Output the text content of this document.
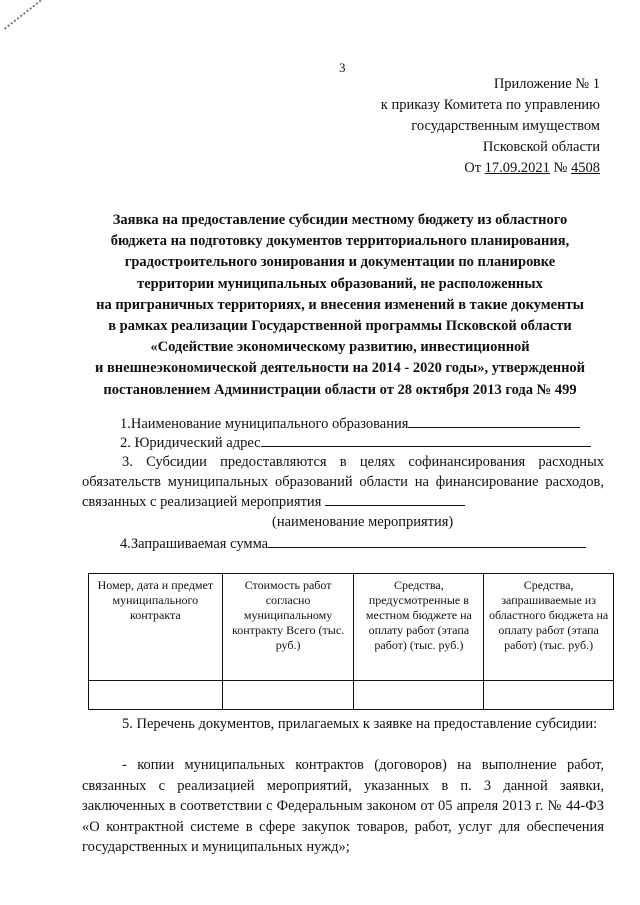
3
Приложение № 1
к приказу Комитета по управлению
государственным имуществом
Псковской области
От 17.09.2021 № 4508
Заявка на предоставление субсидии местному бюджету из областного
бюджета на подготовку документов территориального планирования,
градостроительного зонирования и документации по планировке
территории муниципальных образований, не расположенных
на приграничных территориях, и внесения изменений в такие документы
в рамках реализации Государственной программы Псковской области
«Содействие экономическому развитию, инвестиционной
и внешнеэкономической деятельности на 2014 - 2020 годы», утвержденной
постановлением Администрации области от 28 октября 2013 года № 499
1.Наименование муниципального образования
2. Юридический адрес
3. Субсидии предоставляются в целях софинансирования расходных обязательств муниципальных образований области на финансирование расходов, связанных с реализацией мероприятия
(наименование мероприятия)
4.Запрашиваемая сумма
Номер, дата и предмет муниципального контракта	Стоимость работ согласно муниципальному контракту Всего (тыс. руб.)	Средства, предусмотренные в местном бюджете на оплату работ (этапа работ) (тыс. руб.)	Средства, запрашиваемые из областного бюджета на оплату работ (этапа работ) (тыс. руб.)

5. Перечень документов, прилагаемых к заявке на предоставление субсидии:
- копии муниципальных контрактов (договоров) на выполнение работ, связанных с реализацией мероприятий, указанных в п. 3 данной заявки, заключенных в соответствии с Федеральным законом от 05 апреля 2013 г. № 44-ФЗ «О контрактной системе в сфере закупок товаров, работ, услуг для обеспечения государственных и муниципальных нужд»;
